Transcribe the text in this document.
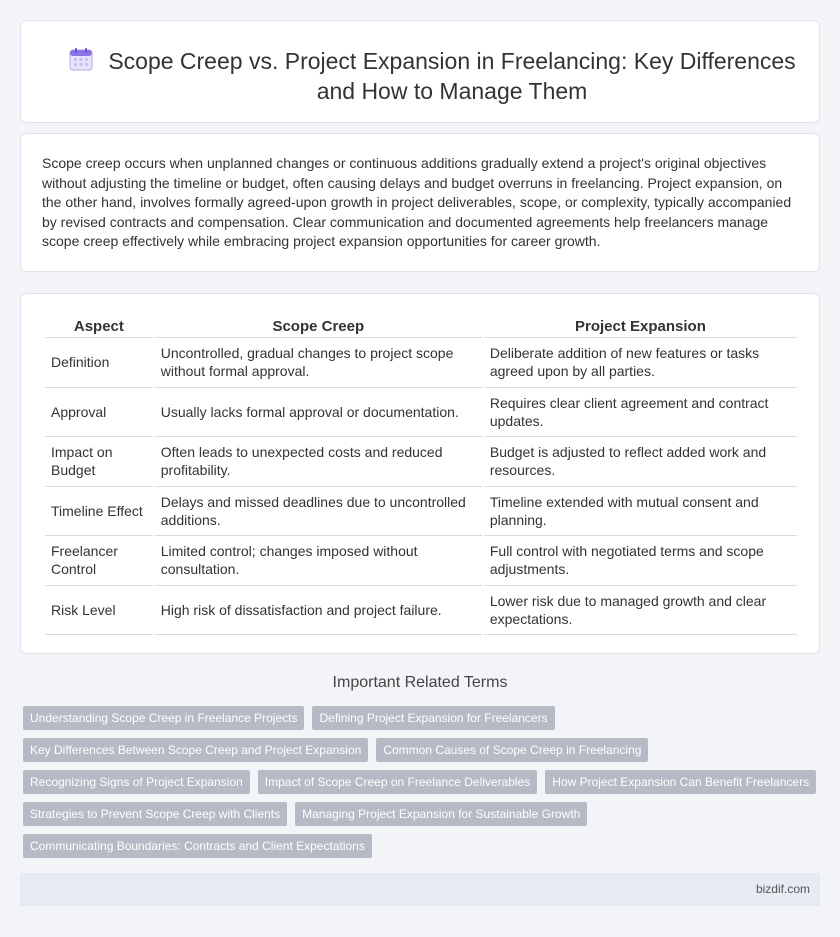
Scope Creep vs. Project Expansion in Freelancing: Key Differences and How to Manage Them

Scope creep occurs when unplanned changes or continuous additions gradually extend a project's original objectives without adjusting the timeline or budget, often causing delays and budget overruns in freelancing. Project expansion, on the other hand, involves formally agreed-upon growth in project deliverables, scope, or complexity, typically accompanied by revised contracts and compensation. Clear communication and documented agreements help freelancers manage scope creep effectively while embracing project expansion opportunities for career growth.

Aspect	Scope Creep	Project Expansion
Definition	Uncontrolled, gradual changes to project scope without formal approval.	Deliberate addition of new features or tasks agreed upon by all parties.
Approval	Usually lacks formal approval or documentation.	Requires clear client agreement and contract updates.
Impact on Budget	Often leads to unexpected costs and reduced profitability.	Budget is adjusted to reflect added work and resources.
Timeline Effect	Delays and missed deadlines due to uncontrolled additions.	Timeline extended with mutual consent and planning.
Freelancer Control	Limited control; changes imposed without consultation.	Full control with negotiated terms and scope adjustments.
Risk Level	High risk of dissatisfaction and project failure.	Lower risk due to managed growth and clear expectations.
Important Related Terms
Understanding Scope Creep in Freelance Projects	Defining Project Expansion for Freelancers
Key Differences Between Scope Creep and Project Expansion	Common Causes of Scope Creep in Freelancing
Recognizing Signs of Project Expansion	Impact of Scope Creep on Freelance Deliverables	How Project Expansion Can Benefit Freelancers
Strategies to Prevent Scope Creep with Clients	Managing Project Expansion for Sustainable Growth
Communicating Boundaries: Contracts and Client Expectations
bizdif.com
